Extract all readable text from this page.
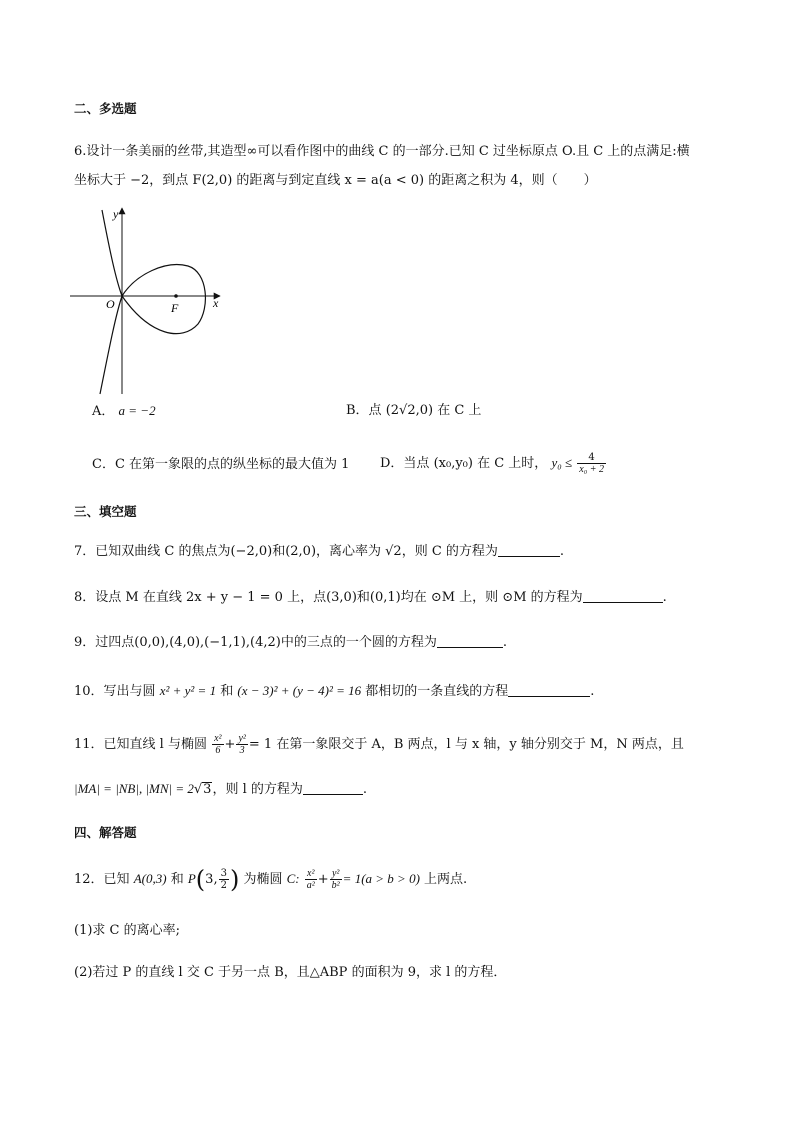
二、多选题
6.设计一条美丽的丝带,其造型∞可以看作图中的曲线 C 的一部分.已知 C 过坐标原点 O.且 C 上的点满足:横
坐标大于 −2，到点 F(2,0) 的距离与到定直线 x = a(a < 0) 的距离之积为 4，则（　　）
y
x
O	F
A． a = −2	B．点 (2√2,0) 在 C 上
C．C 在第一象限的点的纵坐标的最大值为 1 D．当点 (x₀,y₀) 在 C 上时， $y_0 \le \frac{4}{\text{x₀ + 2}}$
三、填空题
7．已知双曲线 C 的焦点为(−2,0)和(2,0)，离心率为 √2，则 C 的方程为	.
8．设点 M 在直线 2x + y − 1 = 0 上，点(3,0)和(0,1)均在 ⊙M 上，则 ⊙M 的方程为	.
9．过四点(0,0),(4,0),(−1,1),(4,2)中的三点的一个圆的方程为	.
10．写出与圆 x² + y² = 1 和 (x − 3)² + (y − 4)² = 16 都相切的一条直线的方程	.
11．已知直线 l 与椭圆 $\frac{\text{x²}}{6} + \frac{\text{y²}}{3} = 1$ 在第一象限交于 A，B 两点，l 与 x 轴，y 轴分别交于 M，N 两点，且
|MA| = |NB|, |MN| = 2√3，则 l 的方程为	.
四、解答题
12．已知 A(0,3) 和 P(3, $\frac{3}{2}$ ) 为椭圆 C: $\frac{\text{x²}}{\text{a²}} + \frac{\text{y²}}{\text{b²}} = 1(a > b > 0)$ 上两点.
(1)求 C 的离心率;
(2)若过 P 的直线 l 交 C 于另一点 B，且△ABP 的面积为 9，求 l 的方程．
